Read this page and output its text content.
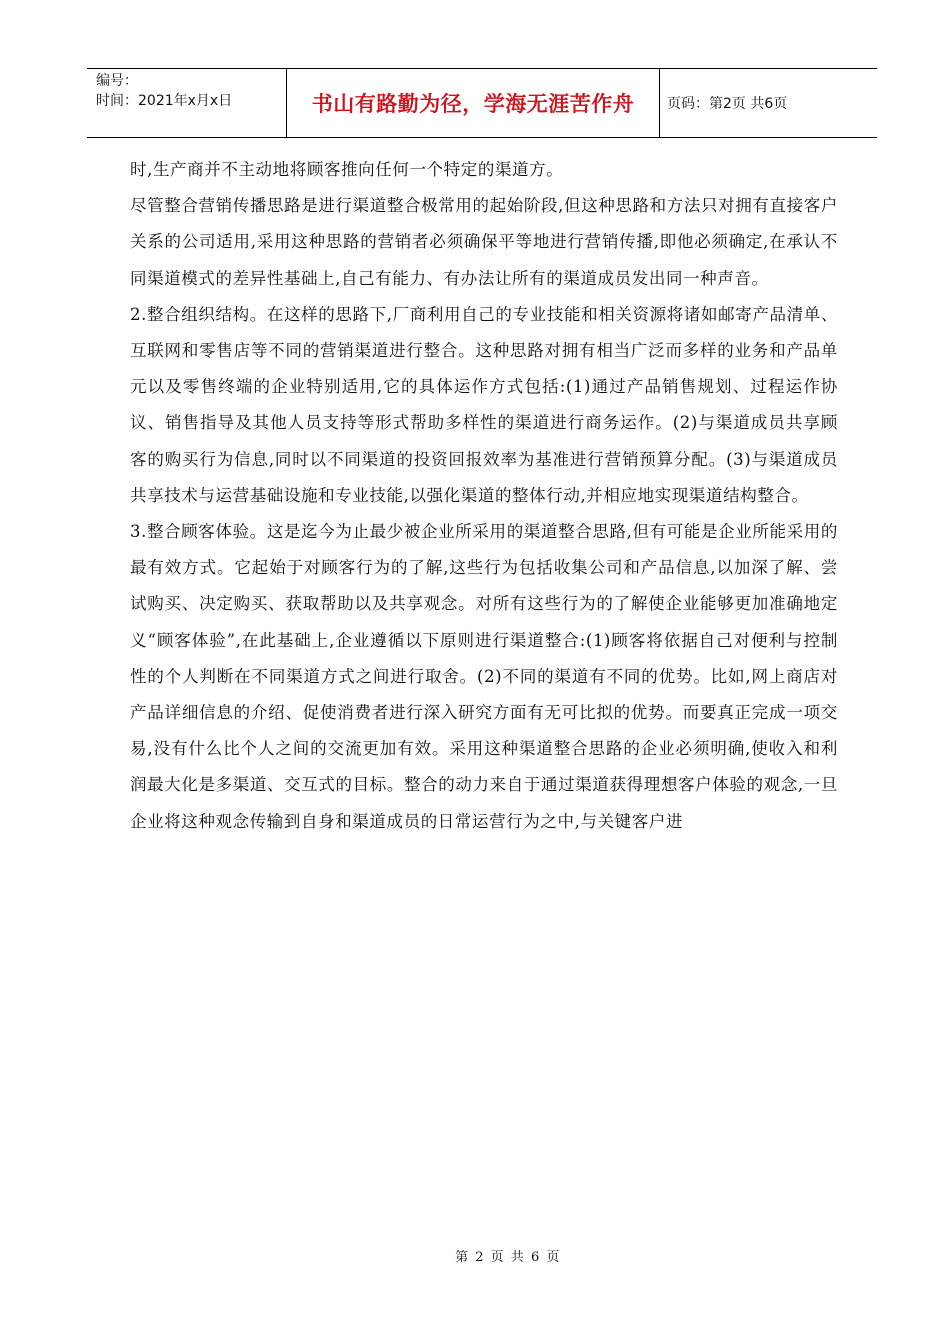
编号：
时间：2021年x月x日	书山有路勤为径，学海无涯苦作舟	页码：第2页 共6页

时,生产商并不主动地将顾客推向任何一个特定的渠道方。

尽管整合营销传播思路是进行渠道整合极常用的起始阶段,但这种思路和方法只对拥有直接客户关系的公司适用,采用这种思路的营销者必须确保平等地进行营销传播,即他必须确定,在承认不同渠道模式的差异性基础上,自己有能力、有办法让所有的渠道成员发出同一种声音。

2.整合组织结构。在这样的思路下,厂商利用自己的专业技能和相关资源将诸如邮寄产品清单、互联网和零售店等不同的营销渠道进行整合。这种思路对拥有相当广泛而多样的业务和产品单元以及零售终端的企业特别适用,它的具体运作方式包括:(1)通过产品销售规划、过程运作协议、销售指导及其他人员支持等形式帮助多样性的渠道进行商务运作。(2)与渠道成员共享顾客的购买行为信息,同时以不同渠道的投资回报效率为基准进行营销预算分配。(3)与渠道成员共享技术与运营基础设施和专业技能,以强化渠道的整体行动,并相应地实现渠道结构整合。

3.整合顾客体验。这是迄今为止最少被企业所采用的渠道整合思路,但有可能是企业所能采用的最有效方式。它起始于对顾客行为的了解,这些行为包括收集公司和产品信息,以加深了解、尝试购买、决定购买、获取帮助以及共享观念。对所有这些行为的了解使企业能够更加准确地定义“顾客体验”,在此基础上,企业遵循以下原则进行渠道整合:(1)顾客将依据自己对便利与控制性的个人判断在不同渠道方式之间进行取舍。(2)不同的渠道有不同的优势。比如,网上商店对产品详细信息的介绍、促使消费者进行深入研究方面有无可比拟的优势。而要真正完成一项交易,没有什么比个人之间的交流更加有效。采用这种渠道整合思路的企业必须明确,使收入和利润最大化是多渠道、交互式的目标。整合的动力来自于通过渠道获得理想客户体验的观念,一旦企业将这种观念传输到自身和渠道成员的日常运营行为之中,与关键客户进

第 2 页 共 6 页
